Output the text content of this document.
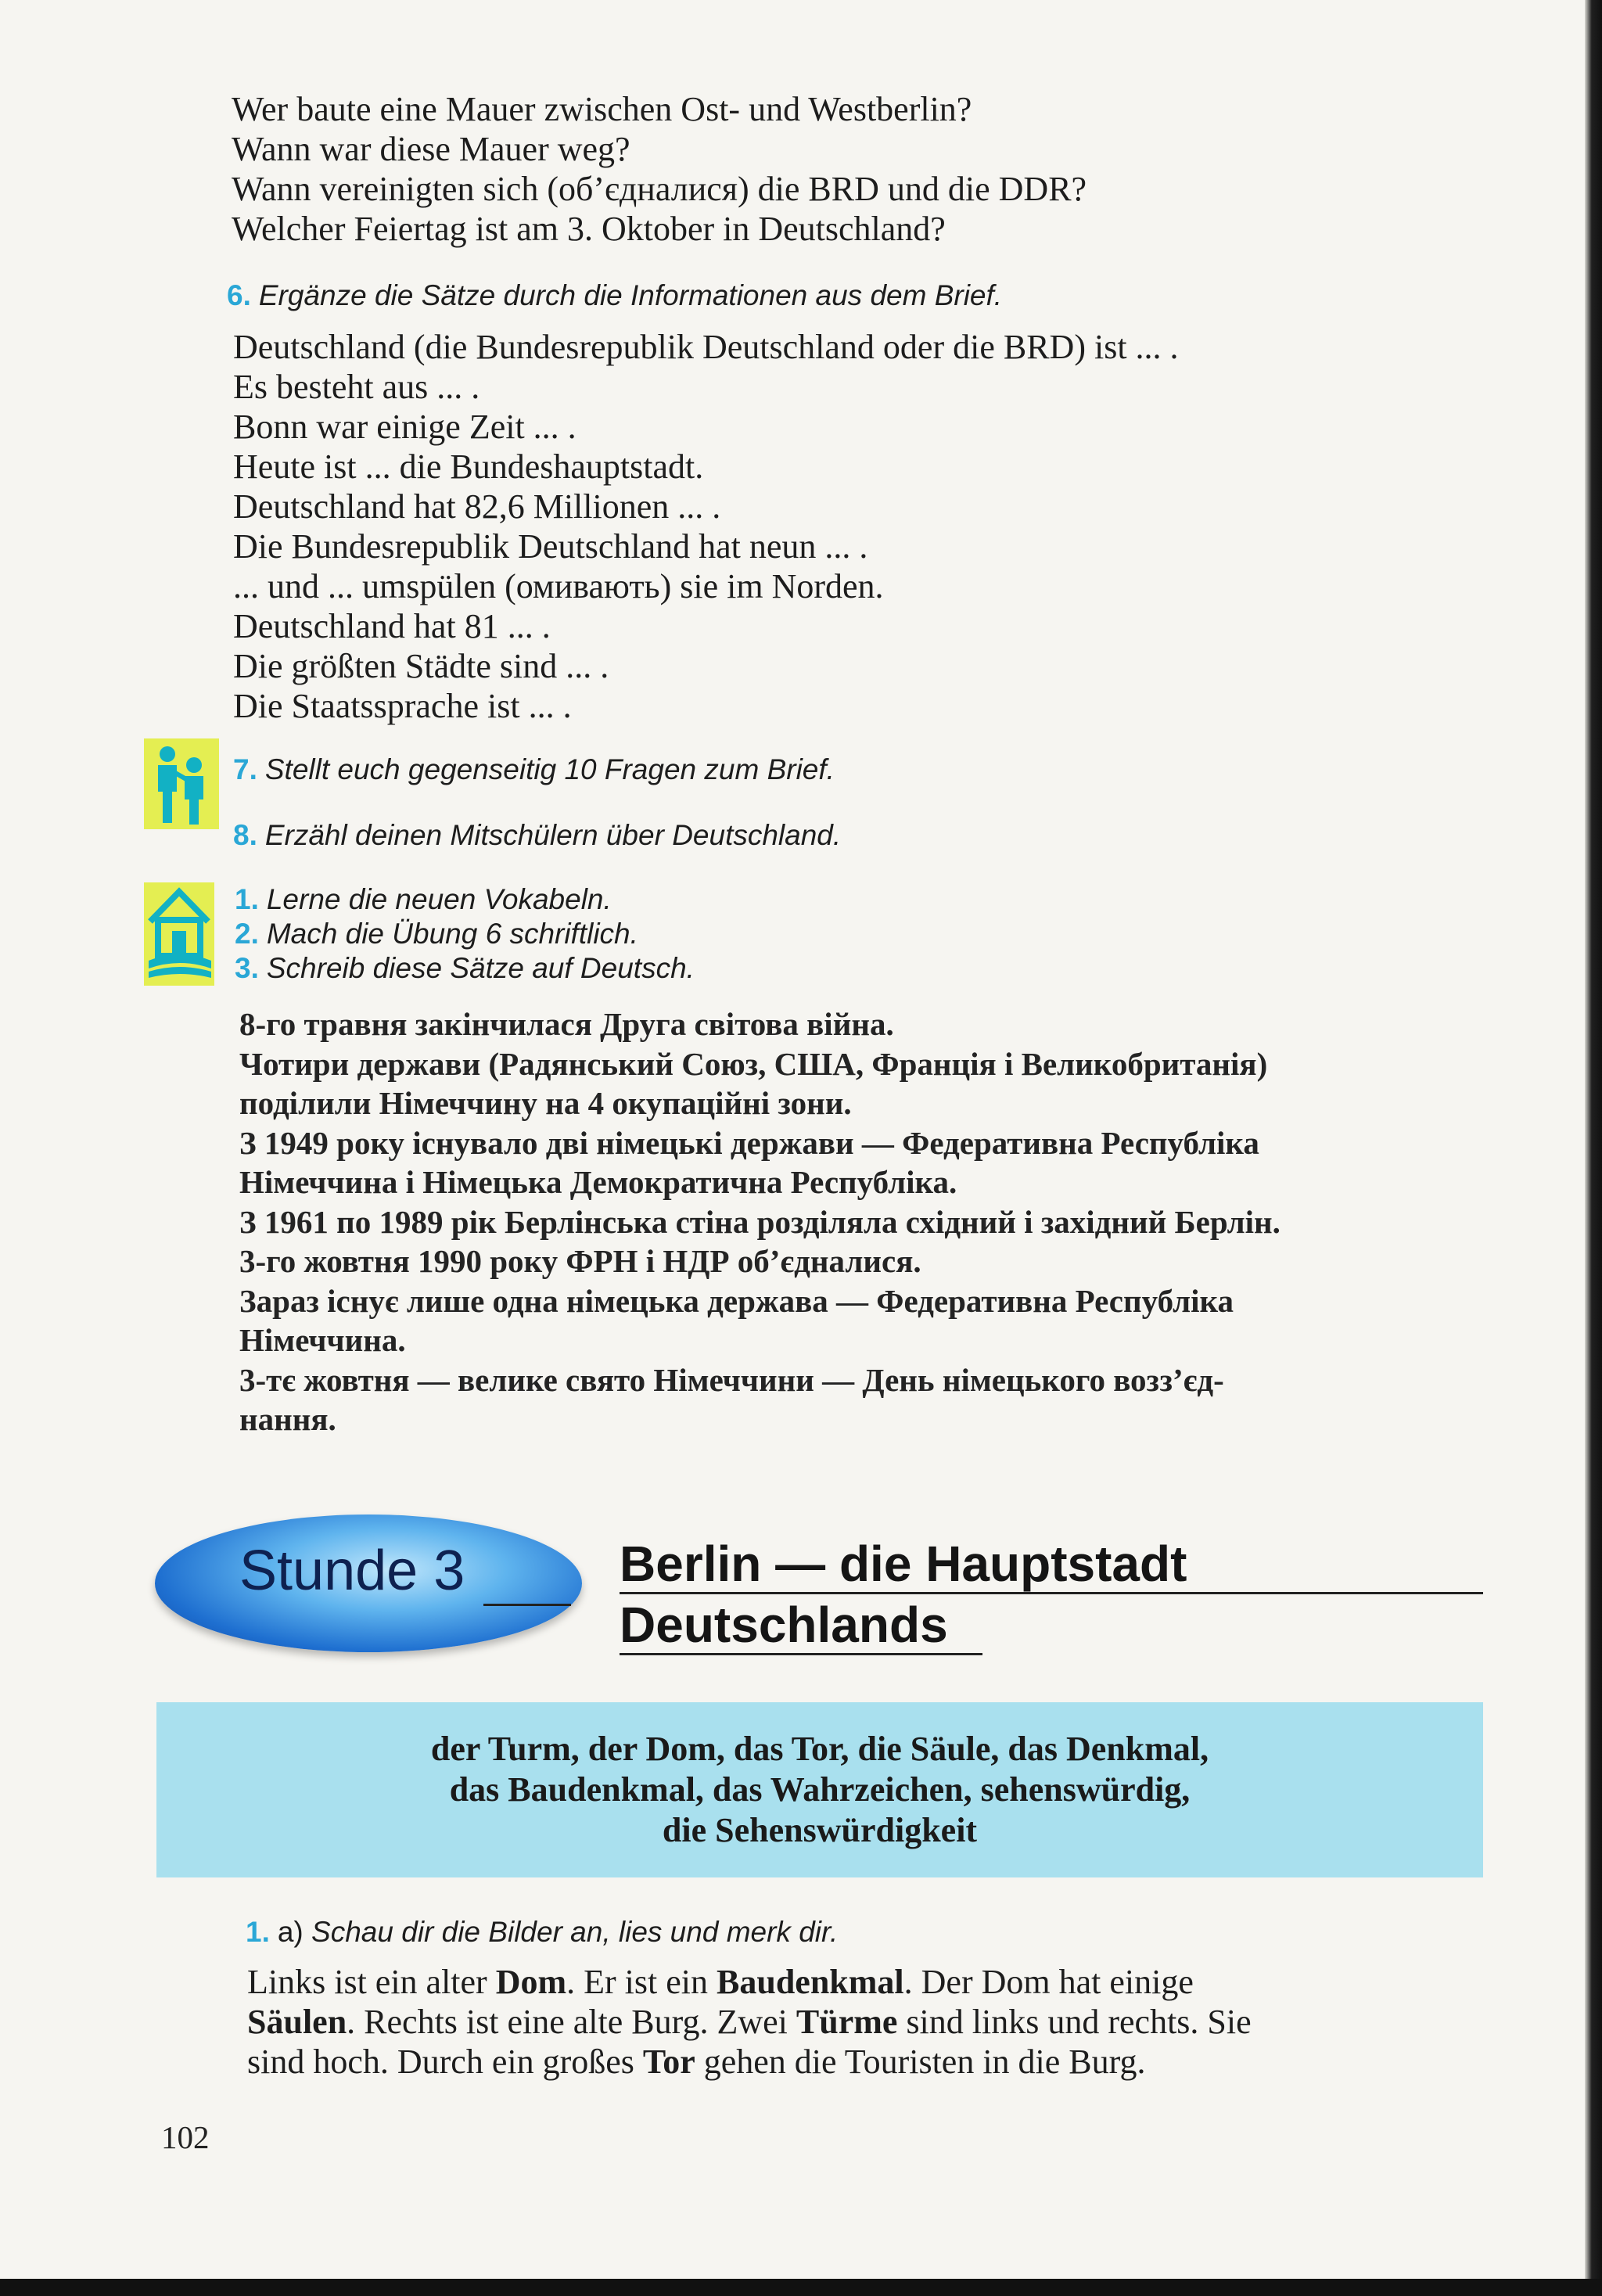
Wer baute eine Mauer zwischen Ost- und Westberlin?
Wann war diese Mauer weg?
Wann vereinigten sich (об’єдналися) die BRD und die DDR?
Welcher Feiertag ist am 3. Oktober in Deutschland?
6. Ergänze die Sätze durch die Informationen aus dem Brief.
Deutschland (die Bundesrepublik Deutschland oder die BRD) ist ... .
Es besteht aus ... .
Bonn war einige Zeit ... .
Heute ist ... die Bundeshauptstadt.
Deutschland hat 82,6 Millionen ... .
Die Bundesrepublik Deutschland hat neun ... .
... und ... umspülen (омивають) sie im Norden.
Deutschland hat 81 ... .
Die größten Städte sind ... .
Die Staatssprache ist ... .
7. Stellt euch gegenseitig 10 Fragen zum Brief.
8. Erzähl deinen Mitschülern über Deutschland.
1. Lerne die neuen Vokabeln.
2. Mach die Übung 6 schriftlich.
3. Schreib diese Sätze auf Deutsch.
8-го травня закінчилася Друга світова війна.
Чотири держави (Радянський Союз, США, Франція і Великобританія)
поділили Німеччину на 4 окупаційні зони.
З 1949 року існувало дві німецькі держави — Федеративна Республіка
Німеччина і Німецька Демократична Республіка.
З 1961 по 1989 рік Берлінська стіна розділяла східний і західний Берлін.
3-го жовтня 1990 року ФРН і НДР об’єдналися.
Зараз існує лише одна німецька держава — Федеративна Республіка
Німеччина.
3-тє жовтня — велике свято Німеччини — День німецького возз’єд-
нання.
Stunde 3	Berlin — die Hauptstadt
Deutschlands
der Turm, der Dom, das Tor, die Säule, das Denkmal,
das Baudenkmal, das Wahrzeichen, sehenswürdig,
die Sehenswürdigkeit
1. a) Schau dir die Bilder an, lies und merk dir.
Links ist ein alter Dom. Er ist ein Baudenkmal. Der Dom hat einige
Säulen. Rechts ist eine alte Burg. Zwei Türme sind links und rechts. Sie
sind hoch. Durch ein großes Tor gehen die Touristen in die Burg.
102
